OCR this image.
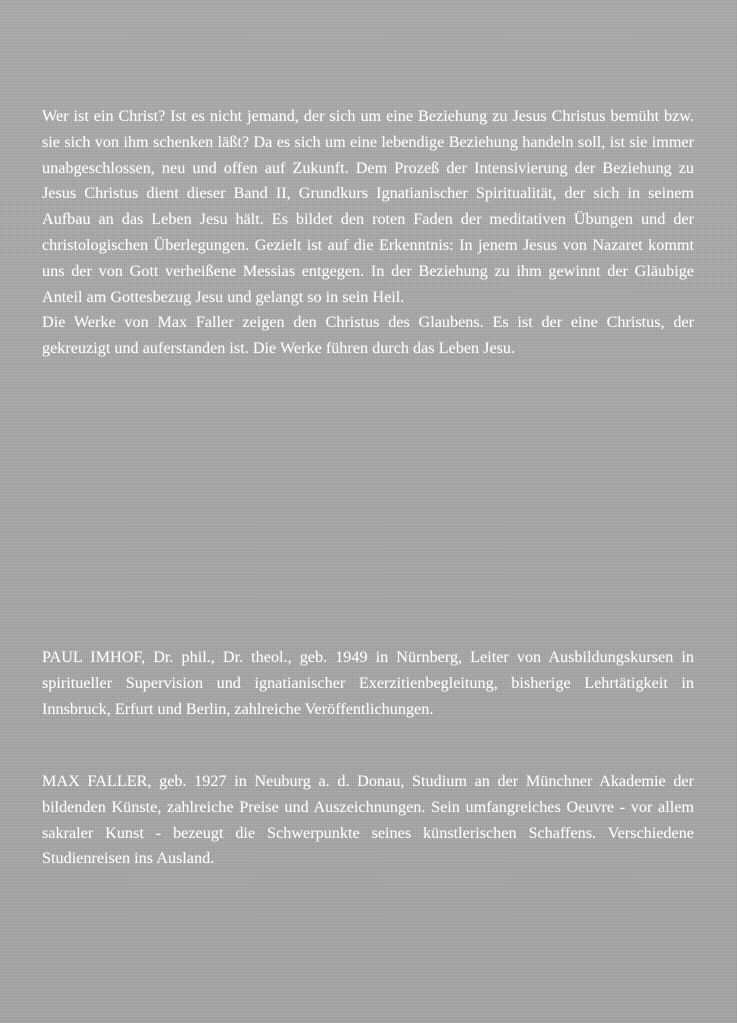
Wer ist ein Christ? Ist es nicht jemand, der sich um eine Beziehung zu Jesus Christus bemüht bzw. sie sich von ihm schenken läßt? Da es sich um eine lebendige Beziehung handeln soll, ist sie immer unabgeschlossen, neu und offen auf Zukunft. Dem Prozeß der Intensivierung der Beziehung zu Jesus Christus dient dieser Band II, Grundkurs Ignatianischer Spiritualität, der sich in seinem Aufbau an das Leben Jesu hält. Es bildet den roten Faden der meditativen Übungen und der christologischen Überlegungen. Gezielt ist auf die Erkenntnis: In jenem Jesus von Nazaret kommt uns der von Gott verheißene Messias entgegen. In der Beziehung zu ihm gewinnt der Gläubige Anteil am Gottesbezug Jesu und gelangt so in sein Heil.

Die Werke von Max Faller zeigen den Christus des Glaubens. Es ist der eine Christus, der gekreuzigt und auferstanden ist. Die Werke führen durch das Leben Jesu.

PAUL IMHOF, Dr. phil., Dr. theol., geb. 1949 in Nürnberg, Leiter von Ausbildungskursen in spiritueller Supervision und ignatianischer Exerzitienbegleitung, bisherige Lehrtätigkeit in Innsbruck, Erfurt und Berlin, zahlreiche Veröffentlichungen.

MAX FALLER, geb. 1927 in Neuburg a. d. Donau, Studium an der Münchner Akademie der bildenden Künste, zahlreiche Preise und Auszeichnungen. Sein umfangreiches Oeuvre - vor allem sakraler Kunst - bezeugt die Schwerpunkte seines künstlerischen Schaffens. Verschiedene Studienreisen ins Ausland.
